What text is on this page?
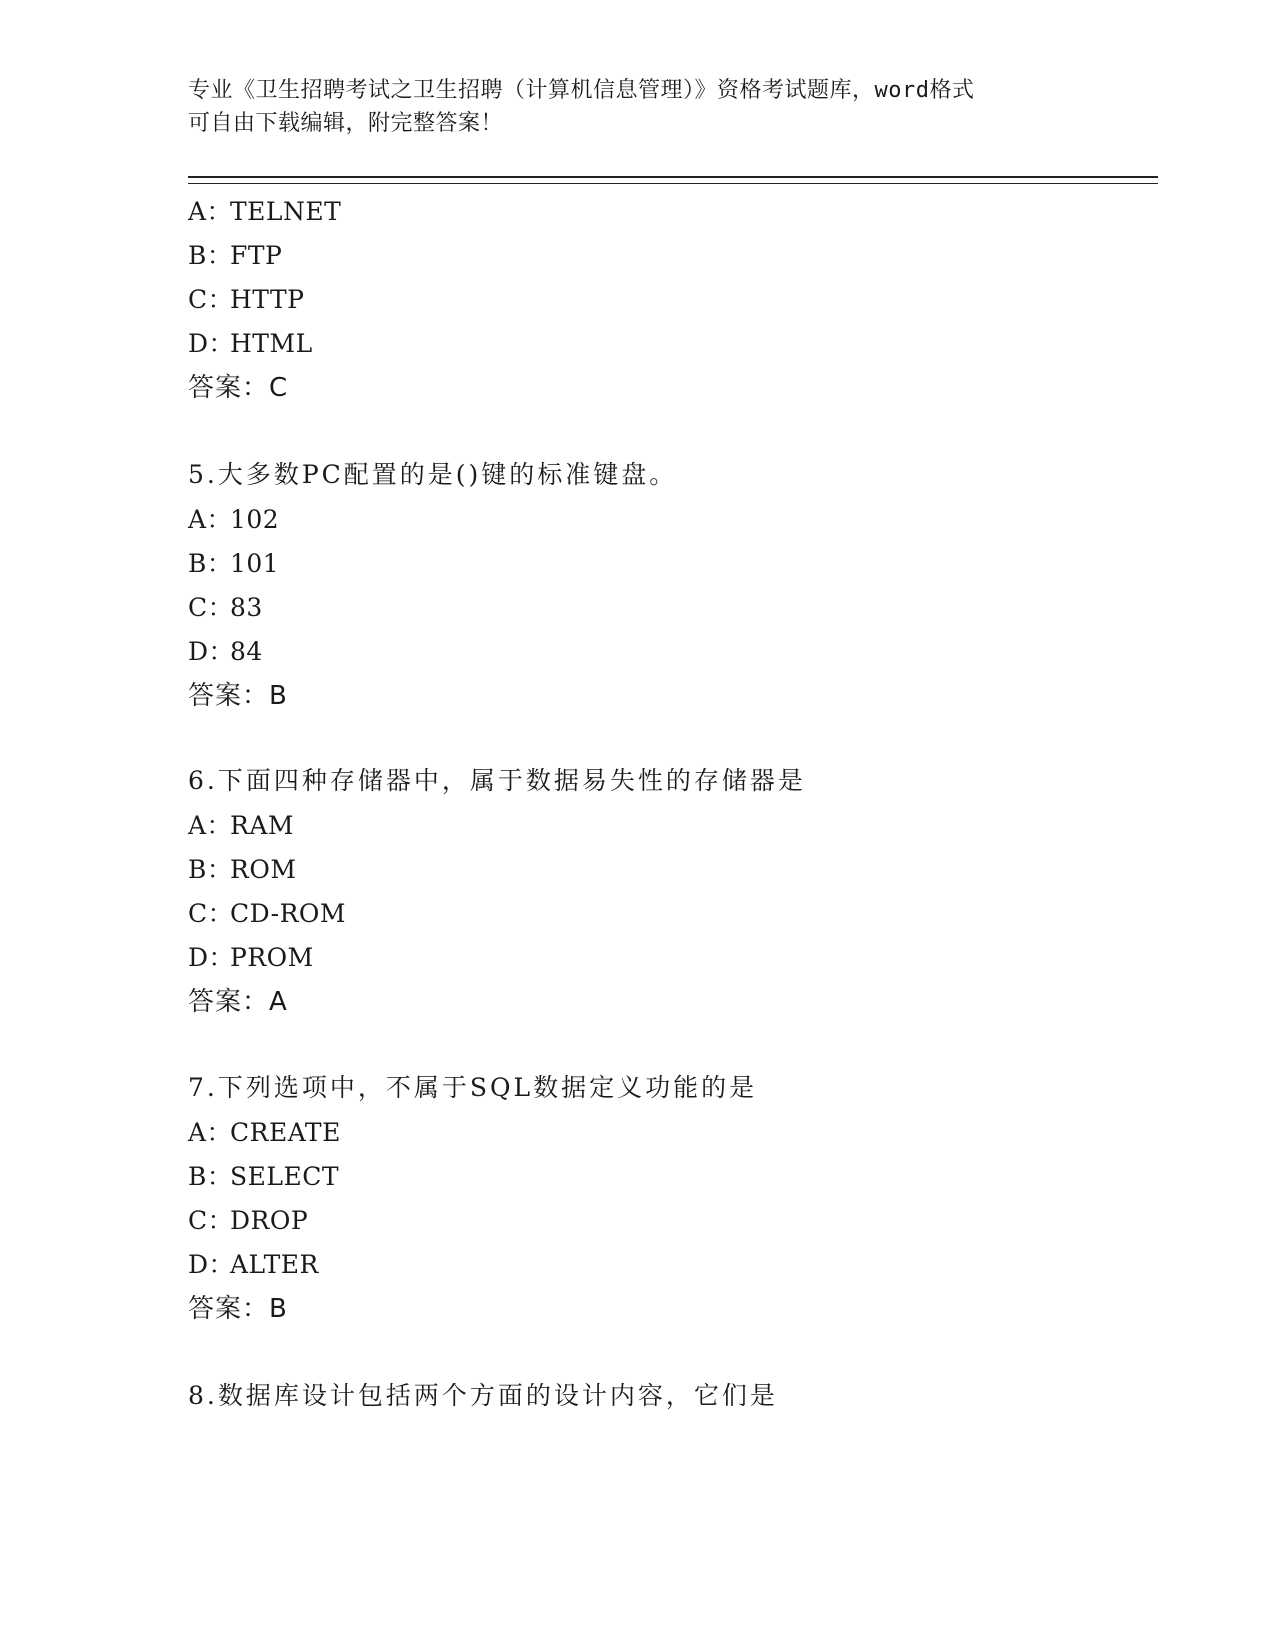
专业《卫生招聘考试之卫生招聘（计算机信息管理）》资格考试题库，word格式
可自由下载编辑，附完整答案！
A：TELNET
B：FTP
C：HTTP
D：HTML
答案：C
5.大多数PC配置的是()键的标准键盘。
A：102
B：101
C：83
D：84
答案：B
6.下面四种存储器中，属于数据易失性的存储器是
A：RAM
B：ROM
C：CD-ROM
D：PROM
答案：A
7.下列选项中，不属于SQL数据定义功能的是
A：CREATE
B：SELECT
C：DROP
D：ALTER
答案：B
8.数据库设计包括两个方面的设计内容，它们是
